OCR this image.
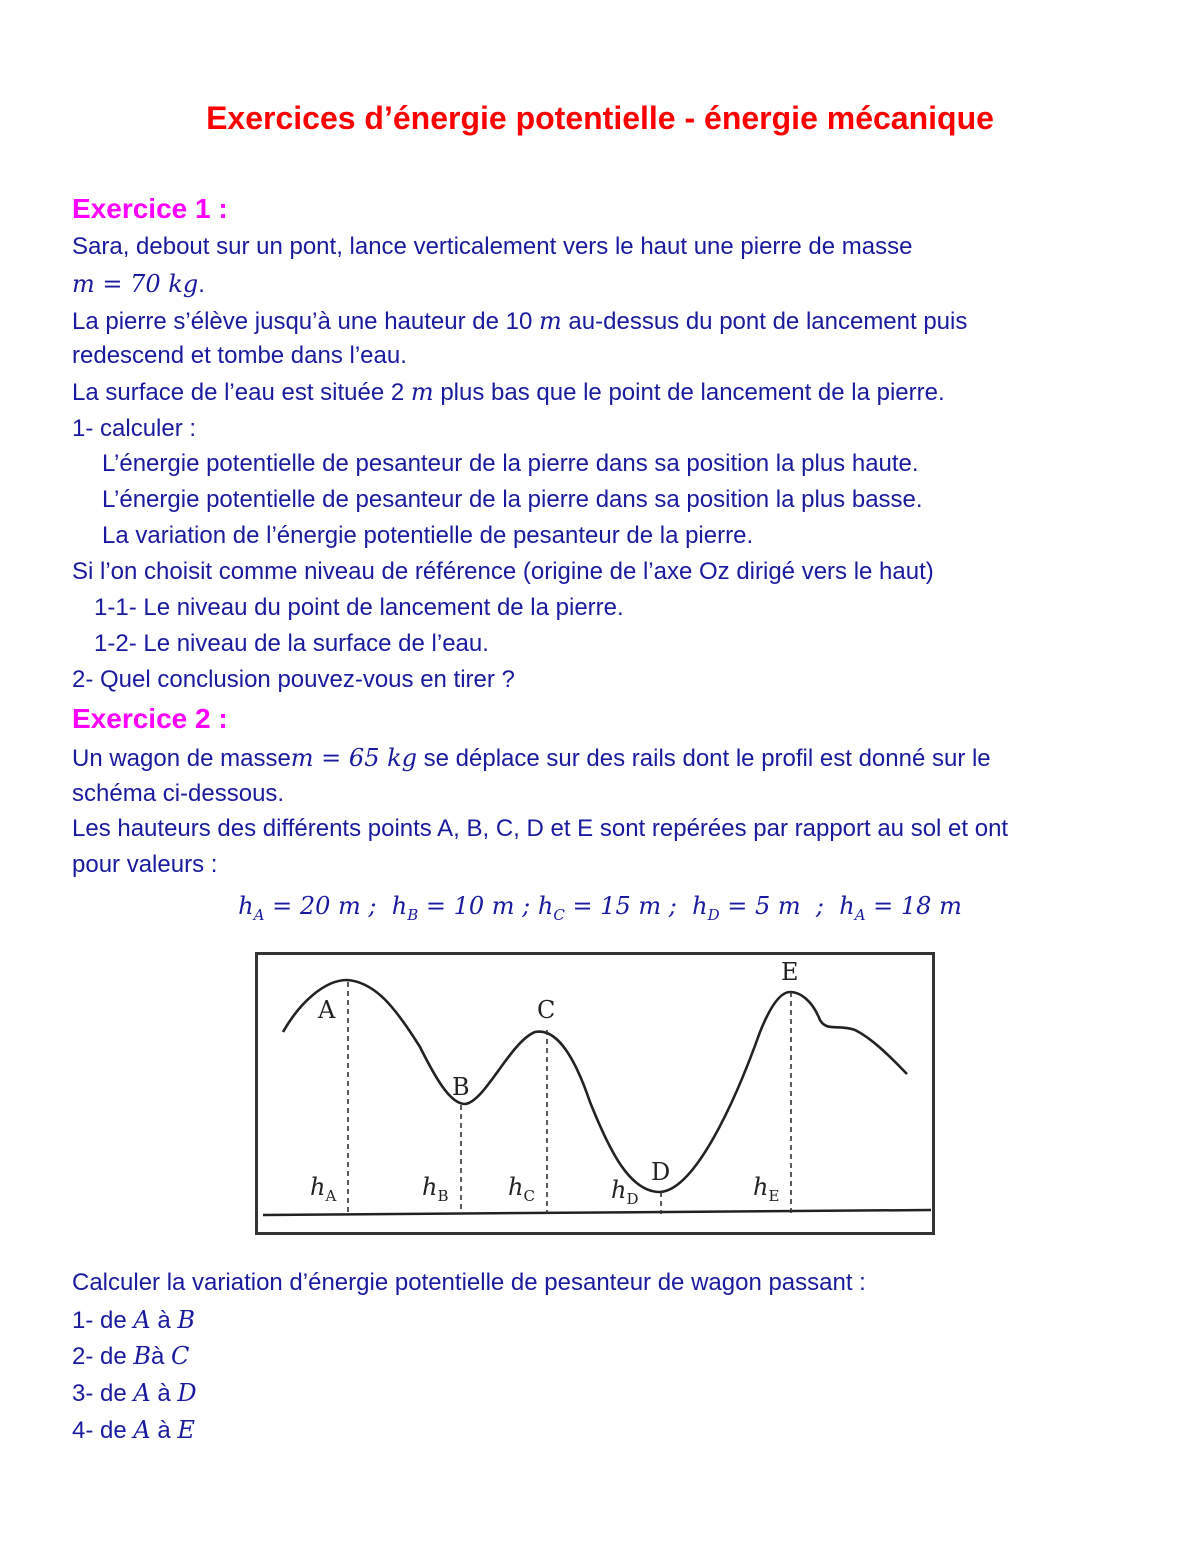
Exercices d’énergie potentielle - énergie mécanique
Exercice 1 :
Sara, debout sur un pont, lance verticalement vers le haut une pierre de masse
m = 70 kg.
La pierre s’élève jusqu’à une hauteur de 10 m au-dessus du pont de lancement puis
redescend et tombe dans l’eau.
La surface de l’eau est située 2 m plus bas que le point de lancement de la pierre.
1- calculer :
L’énergie potentielle de pesanteur de la pierre dans sa position la plus haute.
L’énergie potentielle de pesanteur de la pierre dans sa position la plus basse.
La variation de l’énergie potentielle de pesanteur de la pierre.
Si l’on choisit comme niveau de référence (origine de l’axe Oz dirigé vers le haut)
1-1- Le niveau du point de lancement de la pierre.
1-2- Le niveau de la surface de l’eau.
2- Quel conclusion pouvez-vous en tirer ?
Exercice 2 :
Un wagon de massem = 65 kg se déplace sur des rails dont le profil est donné sur le
schéma ci-dessous.
Les hauteurs des différents points A, B, C, D et E sont repérées par rapport au sol et ont
pour valeurs :
$h_A = 20$ m ;  $h_B = 10$ m ; $h_C = 15$ m ;  $h_D = 5$ m  ;  $h_A = 18$ m
A
B
C
D
E
$h_A$	$h_B$ $h_C$	$h_D$	$h_E$
Calculer la variation d’énergie potentielle de pesanteur de wagon passant :
1- de A à B
2- de Bà C
3- de A à D
4- de A à E
